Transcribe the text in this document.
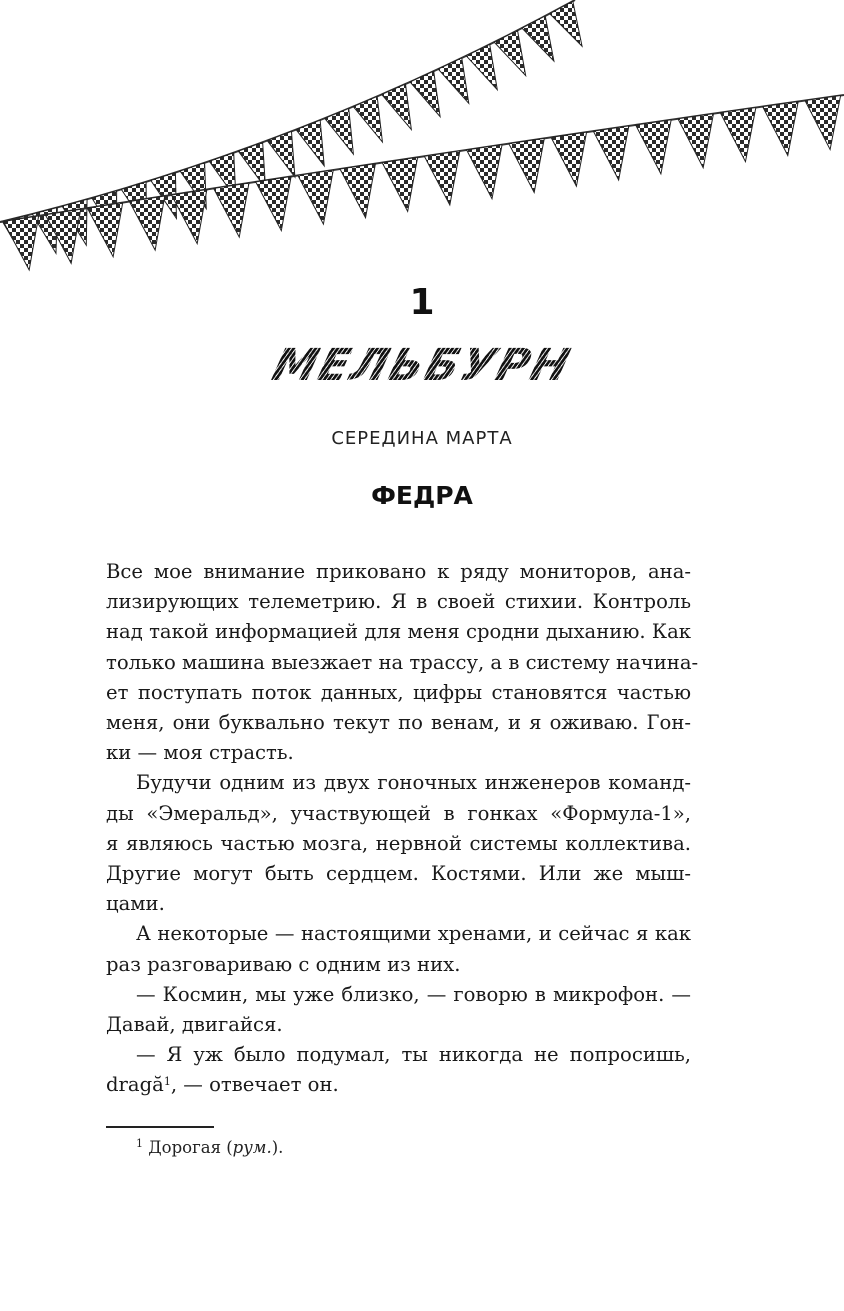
1
МЕЛЬБУРН
СЕРЕДИНА МАРТА
ФЕДРА
Все мое внимание приковано к ряду мониторов, ана-
лизирующих телеметрию. Я в своей стихии. Контроль
над такой информацией для меня сродни дыханию. Как
только машина выезжает на трассу, а в систему начина-
ет поступать поток данных, цифры становятся частью
меня, они буквально текут по венам, и я оживаю. Гон-
ки — моя страсть.
Будучи одним из двух гоночных инженеров команд-
ды «Эмеральд», участвующей в гонках «Формула-1»,
я являюсь частью мозга, нервной системы коллектива.
Другие могут быть сердцем. Костями. Или же мыш-
цами.
А некоторые — настоящими хренами, и сейчас я как
раз разговариваю с одним из них.
— Космин, мы уже близко, — говорю в микрофон. —
Давай, двигайся.
— Я уж было подумал, ты никогда не попросишь,
dragă$^1$, — отвечает он.
$^1$ Дорогая (рум.).
